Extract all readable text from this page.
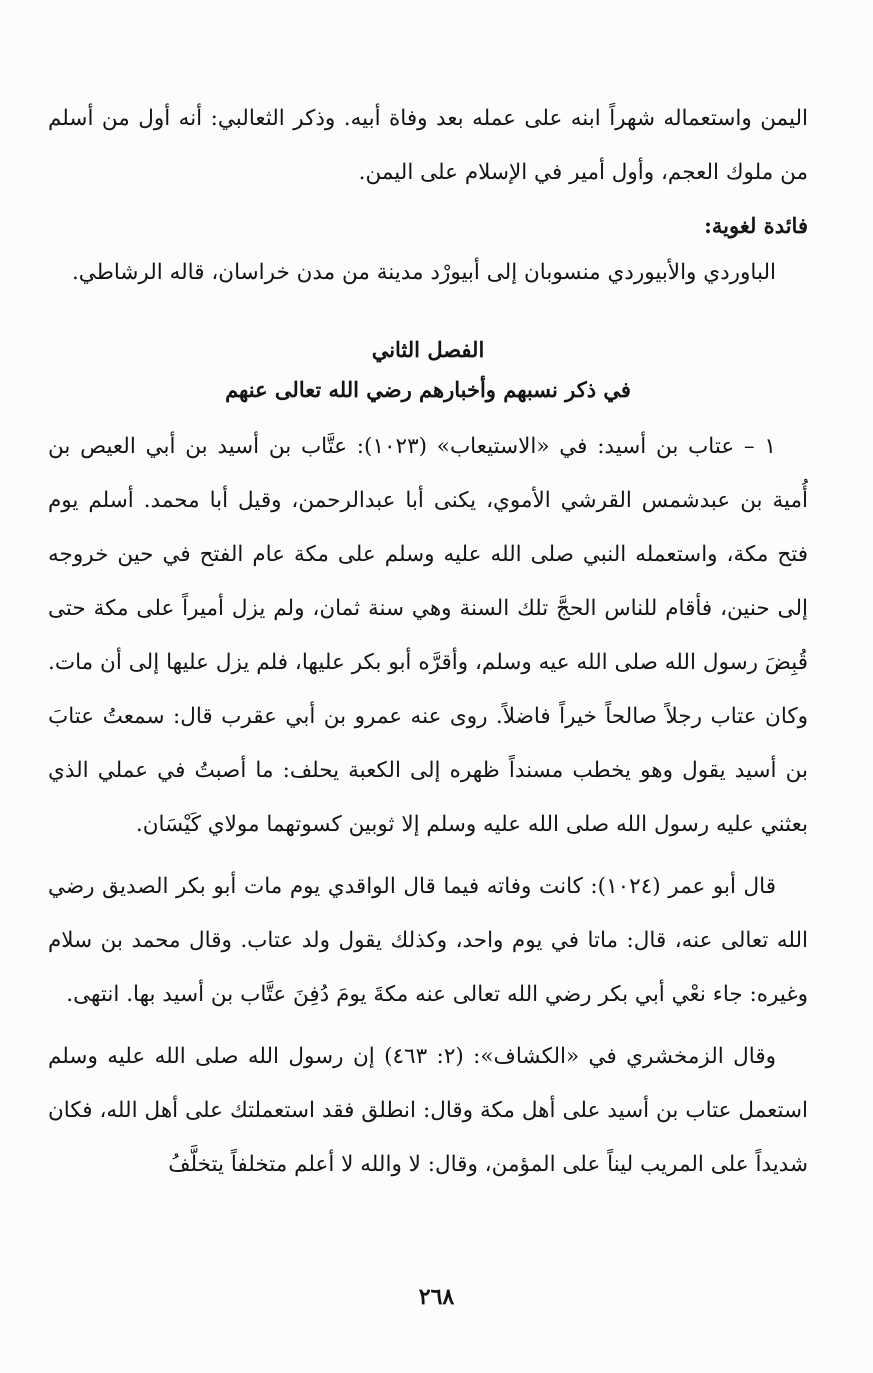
اليمن واستعماله شهراً ابنه على عمله بعد وفاة أبيه. وذكر الثعالبي: أنه أول من أسلم من ملوك العجم، وأول أمير في الإسلام على اليمن.

فائدة لغوية:

الباوردي والأبيوردي منسوبان إلى أبيورْد مدينة من مدن خراسان، قاله الرشاطي.

الفصل الثاني
في ذكر نسبهم وأخبارهم رضي الله تعالى عنهم

١ – عتاب بن أسيد: في «الاستيعاب» (١٠٢٣): عتَّاب بن أسيد بن أبي العيص بن أُمية بن عبدشمس القرشي الأموي، يكنى أبا عبدالرحمن، وقيل أبا محمد. أسلم يوم فتح مكة، واستعمله النبي صلى الله عليه وسلم على مكة عام الفتح في حين خروجه إلى حنين، فأقام للناس الحجَّ تلك السنة وهي سنة ثمان، ولم يزل أميراً على مكة حتى قُبِضَ رسول الله صلى الله عيه وسلم، وأقرَّه أبو بكر عليها، فلم يزل عليها إلى أن مات. وكان عتاب رجلاً صالحاً خيراً فاضلاً. روى عنه عمرو بن أبي عقرب قال: سمعتُ عتابَ بن أسيد يقول وهو يخطب مسنداً ظهره إلى الكعبة يحلف: ما أصبتُ في عملي الذي بعثني عليه رسول الله صلى الله عليه وسلم إلا ثوبين كسوتهما مولاي كَيْسَان.

قال أبو عمر (١٠٢٤): كانت وفاته فيما قال الواقدي يوم مات أبو بكر الصديق رضي الله تعالى عنه، قال: ماتا في يوم واحد، وكذلك يقول ولد عتاب. وقال محمد بن سلام وغيره: جاء نعْي أبي بكر رضي الله تعالى عنه مكةَ يومَ دُفِنَ عتَّاب بن أسيد بها. انتهى.

وقال الزمخشري في «الكشاف»: (٢: ٤٦٣) إن رسول الله صلى الله عليه وسلم استعمل عتاب بن أسيد على أهل مكة وقال: انطلق فقد استعملتك على أهل الله، فكان شديداً على المريب ليناً على المؤمن، وقال: لا والله لا أعلم متخلفاً يتخلَّفُ

٢٦٨
